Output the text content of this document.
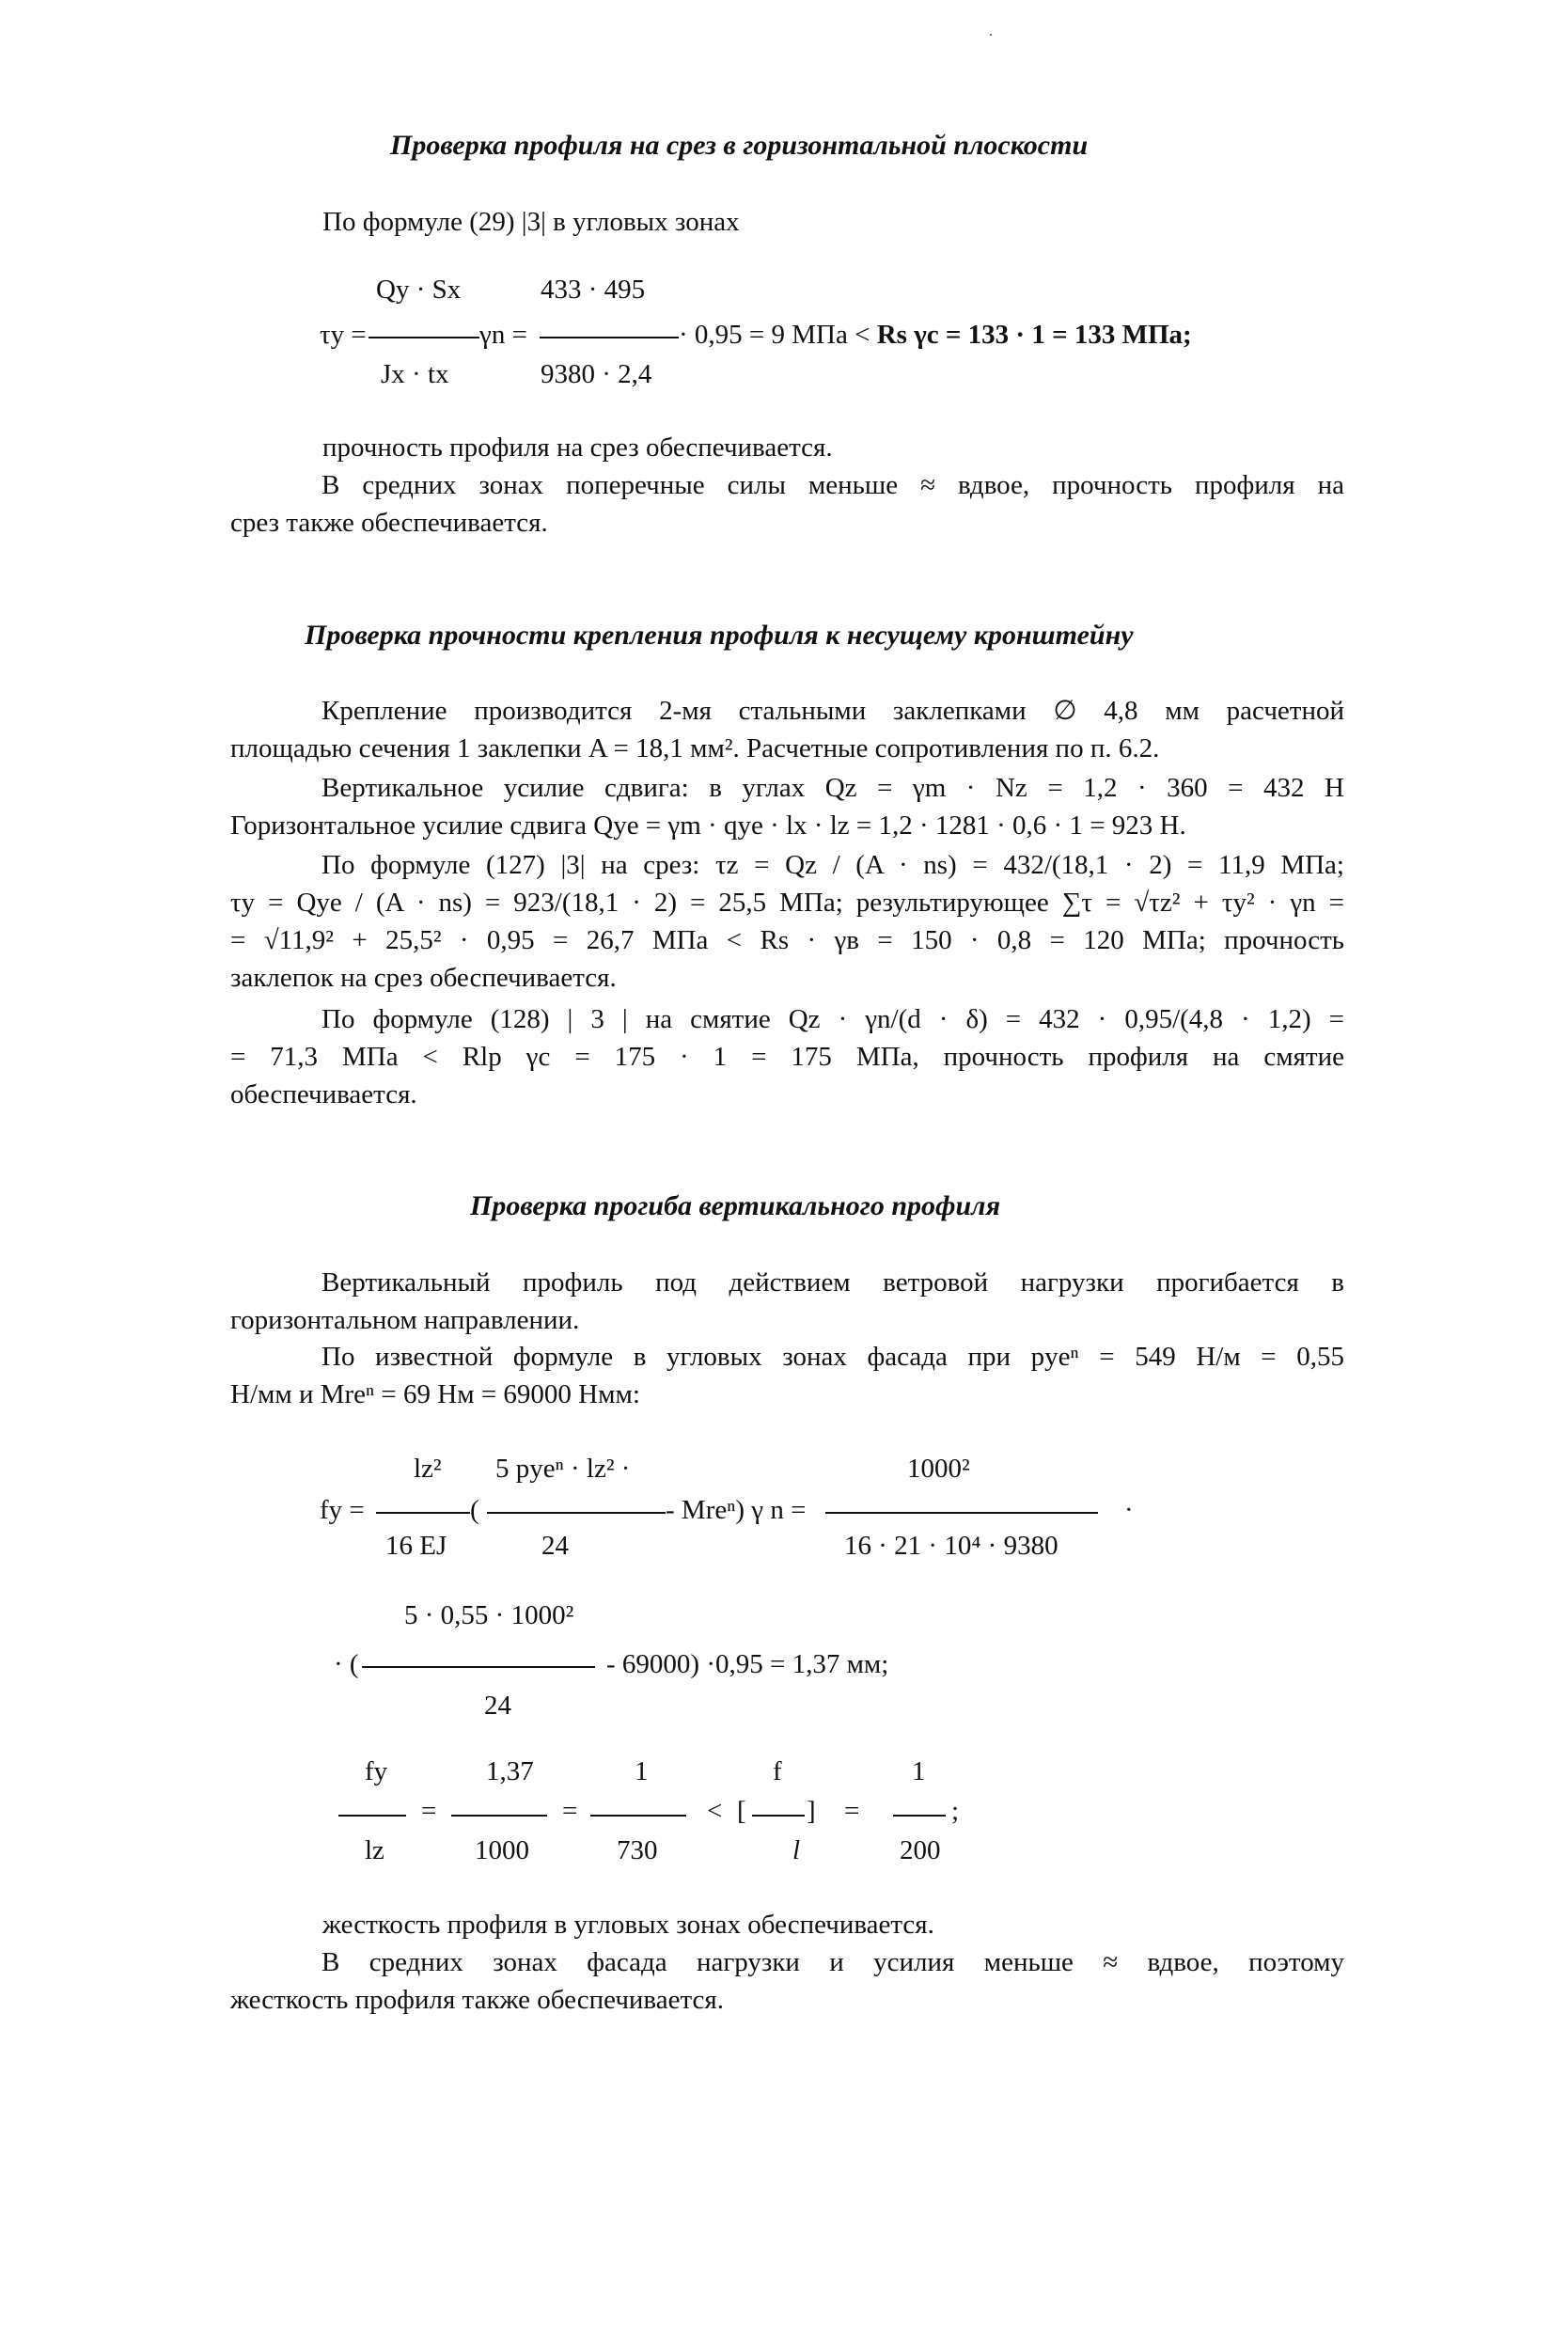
Проверка профиля на срез в горизонтальной плоскости
По формуле (29) |3| в угловых зонах
Qy · Sx
τy =	γn =
Jx · tx
433 · 495
9380 · 2,4
· 0,95 = 9 МПа < Rs γc = 133 · 1 = 133 МПа;
прочность профиля на срез обеспечивается.
В средних зонах поперечные силы меньше ≈ вдвое, прочность профиля на
срез также обеспечивается.
Проверка прочности крепления профиля к несущему кронштейну
Крепление производится 2-мя стальными заклепками ∅ 4,8 мм расчетной
площадью сечения 1 заклепки A = 18,1 мм². Расчетные сопротивления по п. 6.2.
Вертикальное усилие сдвига: в углах Qz = γm · Nz = 1,2 · 360 = 432 Н
Горизонтальное усилие сдвига Qye = γm · qye · lx · lz = 1,2 · 1281 · 0,6 · 1 = 923 Н.
По формуле (127) |3| на срез: τz = Qz / (A · ns) = 432/(18,1 · 2) = 11,9 МПа;
τy = Qye / (A · ns) = 923/(18,1 · 2) = 25,5 МПа; результирующее ∑τ = √τz² + τy² · γn =
= √11,9² + 25,5² · 0,95 = 26,7 МПа < Rs · γв = 150 · 0,8 = 120 МПа; прочность
заклепок на срез обеспечивается.
По формуле (128) | 3 | на смятие Qz · γn/(d · δ) = 432 · 0,95/(4,8 · 1,2) =
= 71,3 МПа < Rlp γc = 175 · 1 = 175 МПа, прочность профиля на смятие
обеспечивается.
Проверка прогиба вертикального профиля
Вертикальный профиль под действием ветровой нагрузки прогибается в
горизонтальном направлении.
По известной формуле в угловых зонах фасада при pyeⁿ = 549 Н/м = 0,55
Н/мм и Mreⁿ = 69 Нм = 69000 Нмм:
lz²
fy =
16 EJ
(
5 pyeⁿ · lz² ·
24
- Mreⁿ) γ n =
1000²
16 · 21 · 10⁴ · 9380
·
5 · 0,55 · 1000²
· (
24
- 69000) ·0,95 = 1,37 мм;
fy
lz
=
1,37
1000
=
1
730
< [
f
l
] =
1
200
;
жесткость профиля в угловых зонах обеспечивается.
В средних зонах фасада нагрузки и усилия меньше ≈ вдвое, поэтому
жесткость профиля также обеспечивается.
